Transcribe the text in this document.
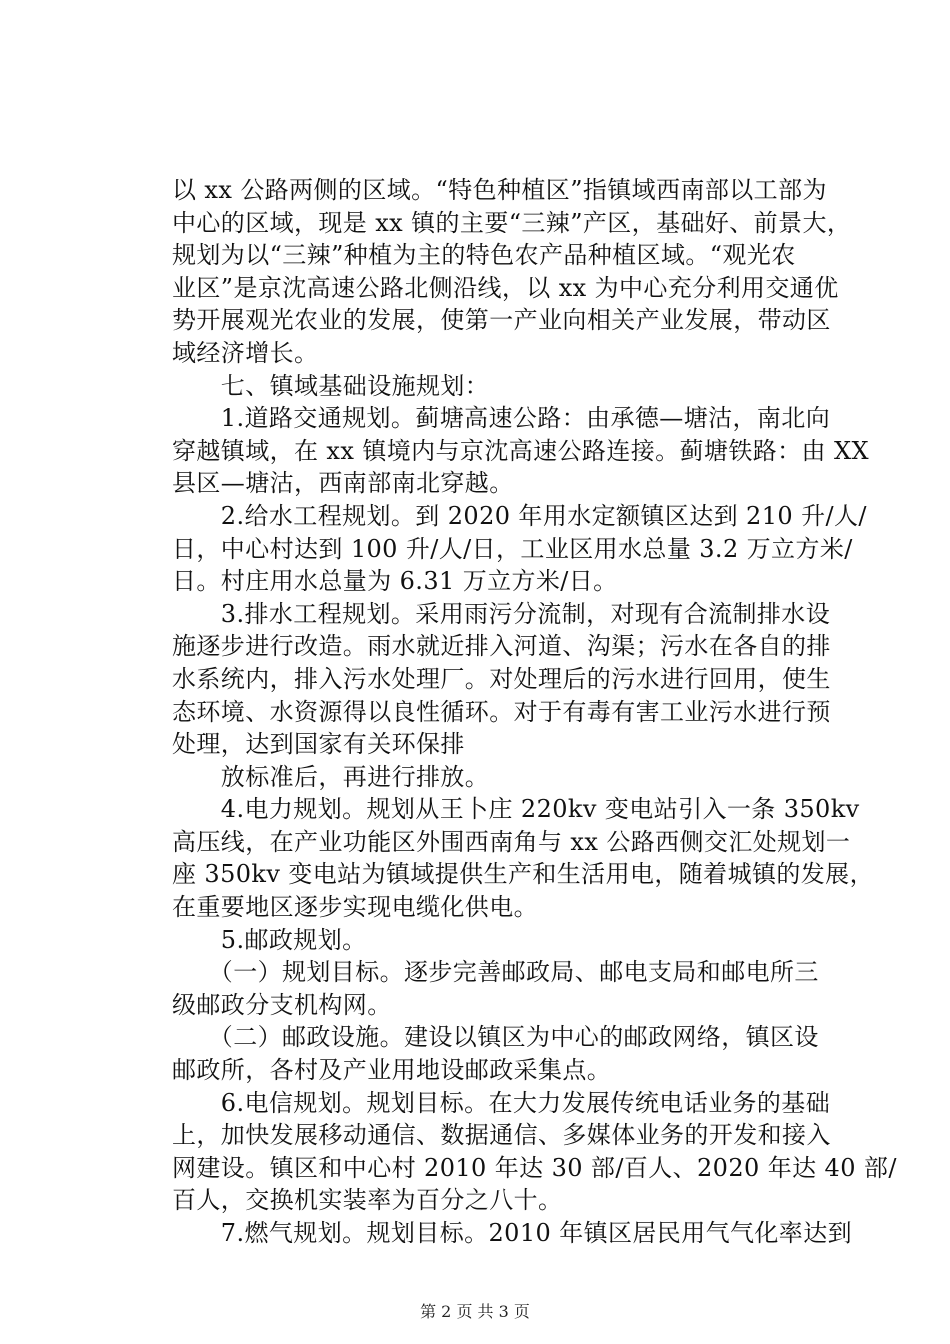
以 xx 公路两侧的区域。“特色种植区”指镇域西南部以工部为
中心的区域，现是 xx 镇的主要“三辣”产区，基础好、前景大，
规划为以“三辣”种植为主的特色农产品种植区域。“观光农
业区”是京沈高速公路北侧沿线，以 xx 为中心充分利用交通优
势开展观光农业的发展，使第一产业向相关产业发展，带动区
域经济增长。
　　七、镇域基础设施规划：
　　1.道路交通规划。蓟塘高速公路：由承德—塘沽，南北向
穿越镇域，在 xx 镇境内与京沈高速公路连接。蓟塘铁路：由 XX
县区—塘沽，西南部南北穿越。
　　2.给水工程规划。到 2020 年用水定额镇区达到 210 升/人/
日，中心村达到 100 升/人/日，工业区用水总量 3.2 万立方米/
日。村庄用水总量为 6.31 万立方米/日。
　　3.排水工程规划。采用雨污分流制，对现有合流制排水设
施逐步进行改造。雨水就近排入河道、沟渠；污水在各自的排
水系统内，排入污水处理厂。对处理后的污水进行回用，使生
态环境、水资源得以良性循环。对于有毒有害工业污水进行预
处理，达到国家有关环保排
　　放标准后，再进行排放。
　　4.电力规划。规划从王卜庄 220kv 变电站引入一条 350kv
高压线，在产业功能区外围西南角与 xx 公路西侧交汇处规划一
座 350kv 变电站为镇域提供生产和生活用电，随着城镇的发展，
在重要地区逐步实现电缆化供电。
　　5.邮政规划。
　　（一）规划目标。逐步完善邮政局、邮电支局和邮电所三
级邮政分支机构网。
　　（二）邮政设施。建设以镇区为中心的邮政网络，镇区设
邮政所，各村及产业用地设邮政采集点。
　　6.电信规划。规划目标。在大力发展传统电话业务的基础
上，加快发展移动通信、数据通信、多媒体业务的开发和接入
网建设。镇区和中心村 2010 年达 30 部/百人、2020 年达 40 部/
百人，交换机实装率为百分之八十。
　　7.燃气规划。规划目标。2010 年镇区居民用气气化率达到
第 2 页 共 3 页
